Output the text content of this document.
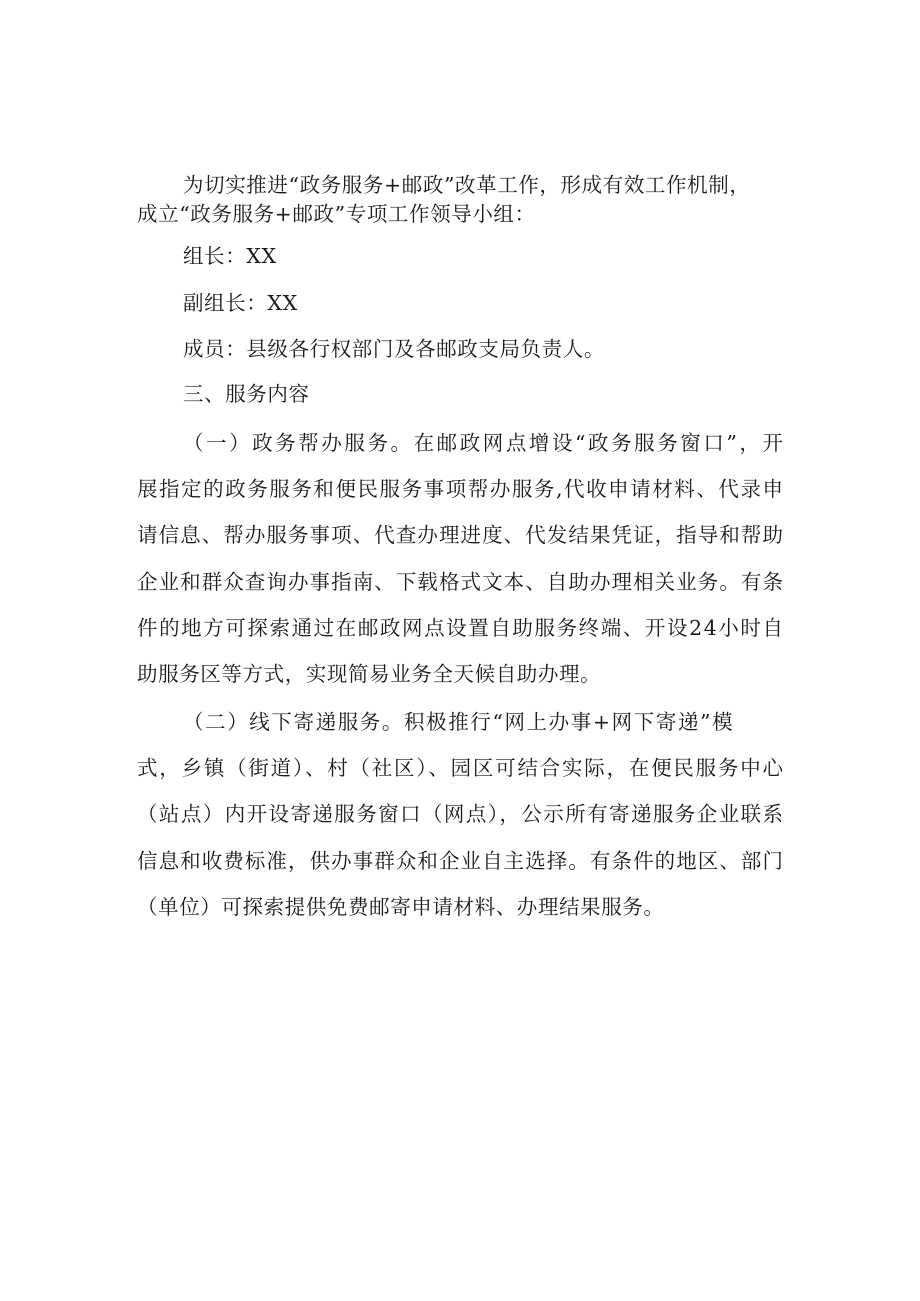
为切实推进“政务服务+邮政”改革工作，形成有效工作机制，
成立“政务服务+邮政”专项工作领导小组：
组长：XX
副组长：XX
成员：县级各行权部门及各邮政支局负责人。
三、服务内容
（一）政务帮办服务。在邮政网点增设“政务服务窗口”，开
展指定的政务服务和便民服务事项帮办服务,代收申请材料、代录申
请信息、帮办服务事项、代查办理进度、代发结果凭证，指导和帮助
企业和群众查询办事指南、下载格式文本、自助办理相关业务。有条
件的地方可探索通过在邮政网点设置自助服务终端、开设24小时自
助服务区等方式，实现简易业务全天候自助办理。
（二）线下寄递服务。积极推行“网上办事+网下寄递”模
式，乡镇（街道）、村（社区）、园区可结合实际，在便民服务中心
（站点）内开设寄递服务窗口（网点），公示所有寄递服务企业联系
信息和收费标准，供办事群众和企业自主选择。有条件的地区、部门
（单位）可探索提供免费邮寄申请材料、办理结果服务。
